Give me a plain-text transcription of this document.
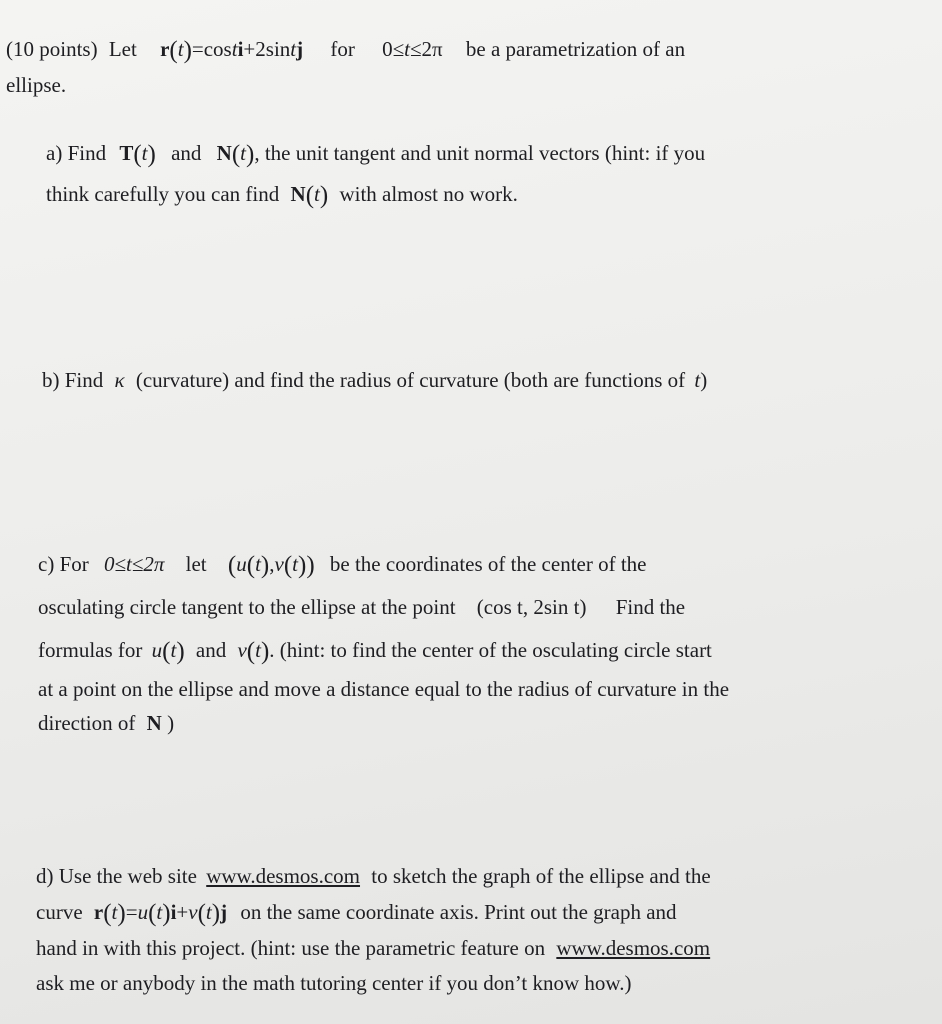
(10 points) Let r(t)=costi+2sintj for 0≤t≤2π be a parametrization of an
ellipse.
a) Find T(t) and N(t), the unit tangent and unit normal vectors (hint: if you
think carefully you can find N(t) with almost no work.
b) Find κ (curvature) and find the radius of curvature (both are functions of t)
c) For 0≤t≤2π let (u(t),v(t)) be the coordinates of the center of the
osculating circle tangent to the ellipse at the point (cos t, 2sin t) Find the
formulas for u(t) and v(t). (hint: to find the center of the osculating circle start
at a point on the ellipse and move a distance equal to the radius of curvature in the
direction of N )
d) Use the web site www.desmos.com to sketch the graph of the ellipse and the
curve r(t)=u(t)i+v(t)j on the same coordinate axis. Print out the graph and
hand in with this project. (hint: use the parametric feature on www.desmos.com
ask me or anybody in the math tutoring center if you don’t know how.)
